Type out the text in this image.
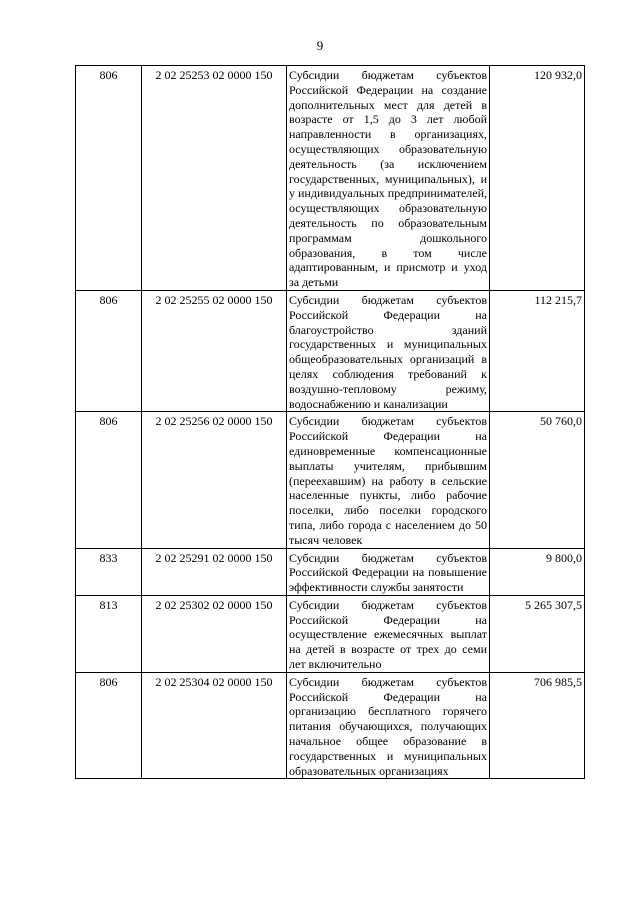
9
806	2 02 25253 02 0000 150	Субсидии бюджетам субъектов Российской Федерации на создание дополнительных мест для детей в возрасте от 1,5 до 3 лет любой направленности в организациях, осуществляющих образовательную деятельность (за исключением государственных, муниципальных), и у индивидуальных предпринимателей, осуществляющих образовательную деятельность по образовательным программам дошкольного образования, в том числе адаптированным, и присмотр и уход за детьми	120 932,0
806	2 02 25255 02 0000 150	Субсидии бюджетам субъектов Российской Федерации на благоустройство зданий государственных и муниципальных общеобразовательных организаций в целях соблюдения требований к воздушно-тепловому режиму, водоснабжению и канализации	112 215,7
806	2 02 25256 02 0000 150	Субсидии бюджетам субъектов Российской Федерации на единовременные компенсационные выплаты учителям, прибывшим (переехавшим) на работу в сельские населенные пункты, либо рабочие поселки, либо поселки городского типа, либо города с населением до 50 тысяч человек	50 760,0
833	2 02 25291 02 0000 150	Субсидии бюджетам субъектов Российской Федерации на повышение эффективности службы занятости	9 800,0
813	2 02 25302 02 0000 150	Субсидии бюджетам субъектов Российской Федерации на осуществление ежемесячных выплат на детей в возрасте от трех до семи лет включительно	5 265 307,5
806	2 02 25304 02 0000 150	Субсидии бюджетам субъектов Российской Федерации на организацию бесплатного горячего питания обучающихся, получающих начальное общее образование в государственных и муниципальных образовательных организациях	706 985,5
